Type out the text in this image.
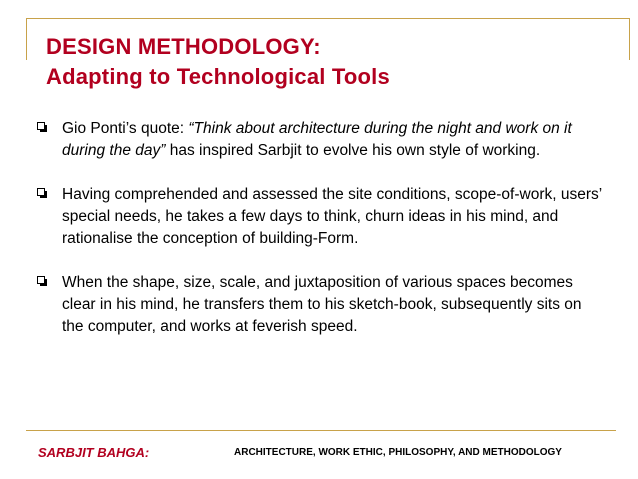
DESIGN METHODOLOGY:
Adapting to Technological Tools
Gio Ponti’s quote: “Think about architecture during the night and work on it during the day” has inspired Sarbjit to evolve his own style of working.
Having comprehended and assessed the site conditions, scope-of-work, users’ special needs, he takes a few days to think, churn ideas in his mind, and rationalise the conception of building-Form.
When the shape, size, scale, and juxtaposition of various spaces becomes clear in his mind, he transfers them to his sketch-book, subsequently sits on the computer, and works at feverish speed.
SARBJIT BAHGA:	ARCHITECTURE, WORK ETHIC, PHILOSOPHY, AND METHODOLOGY
